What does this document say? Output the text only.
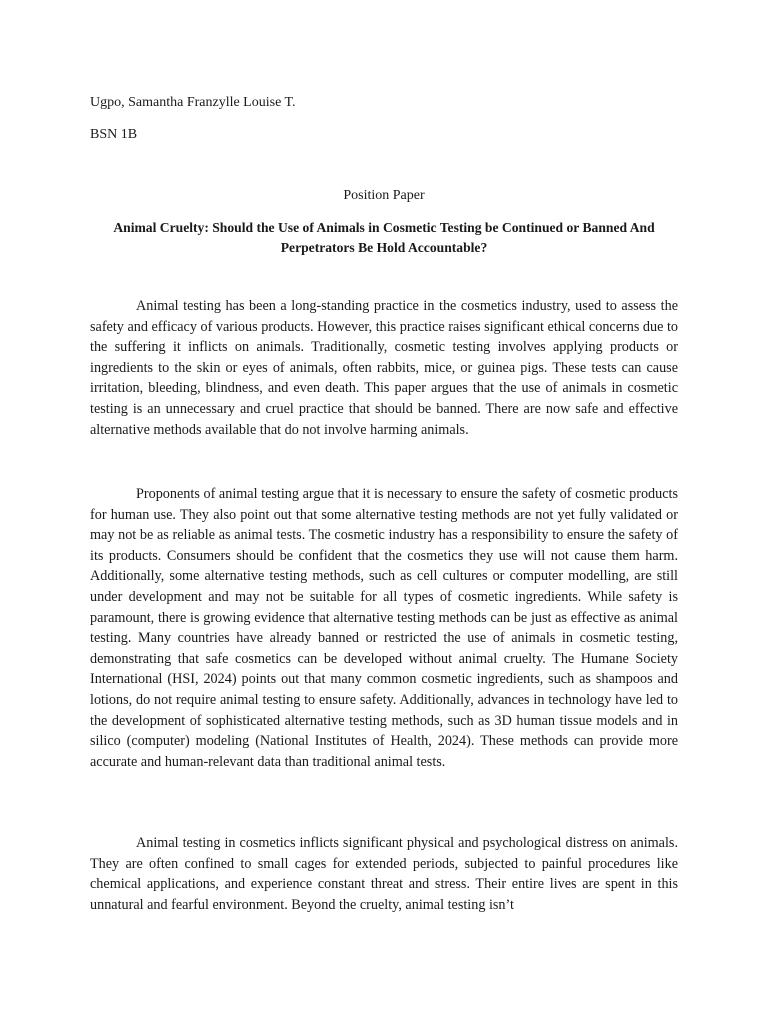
Ugpo, Samantha Franzylle Louise T.
BSN 1B
Position Paper
Animal Cruelty: Should the Use of Animals in Cosmetic Testing be Continued or Banned And Perpetrators Be Hold Accountable?

Animal testing has been a long-standing practice in the cosmetics industry, used to assess the safety and efficacy of various products. However, this practice raises significant ethical concerns due to the suffering it inflicts on animals. Traditionally, cosmetic testing involves applying products or ingredients to the skin or eyes of animals, often rabbits, mice, or guinea pigs. These tests can cause irritation, bleeding, blindness, and even death. This paper argues that the use of animals in cosmetic testing is an unnecessary and cruel practice that should be banned. There are now safe and effective alternative methods available that do not involve harming animals.

Proponents of animal testing argue that it is necessary to ensure the safety of cosmetic products for human use. They also point out that some alternative testing methods are not yet fully validated or may not be as reliable as animal tests. The cosmetic industry has a responsibility to ensure the safety of its products. Consumers should be confident that the cosmetics they use will not cause them harm. Additionally, some alternative testing methods, such as cell cultures or computer modelling, are still under development and may not be suitable for all types of cosmetic ingredients. While safety is paramount, there is growing evidence that alternative testing methods can be just as effective as animal testing. Many countries have already banned or restricted the use of animals in cosmetic testing, demonstrating that safe cosmetics can be developed without animal cruelty. The Humane Society International (HSI, 2024) points out that many common cosmetic ingredients, such as shampoos and lotions, do not require animal testing to ensure safety. Additionally, advances in technology have led to the development of sophisticated alternative testing methods, such as 3D human tissue models and in silico (computer) modeling (National Institutes of Health, 2024). These methods can provide more accurate and human-relevant data than traditional animal tests.

Animal testing in cosmetics inflicts significant physical and psychological distress on animals. They are often confined to small cages for extended periods, subjected to painful procedures like chemical applications, and experience constant threat and stress. Their entire lives are spent in this unnatural and fearful environment. Beyond the cruelty, animal testing isn’t
